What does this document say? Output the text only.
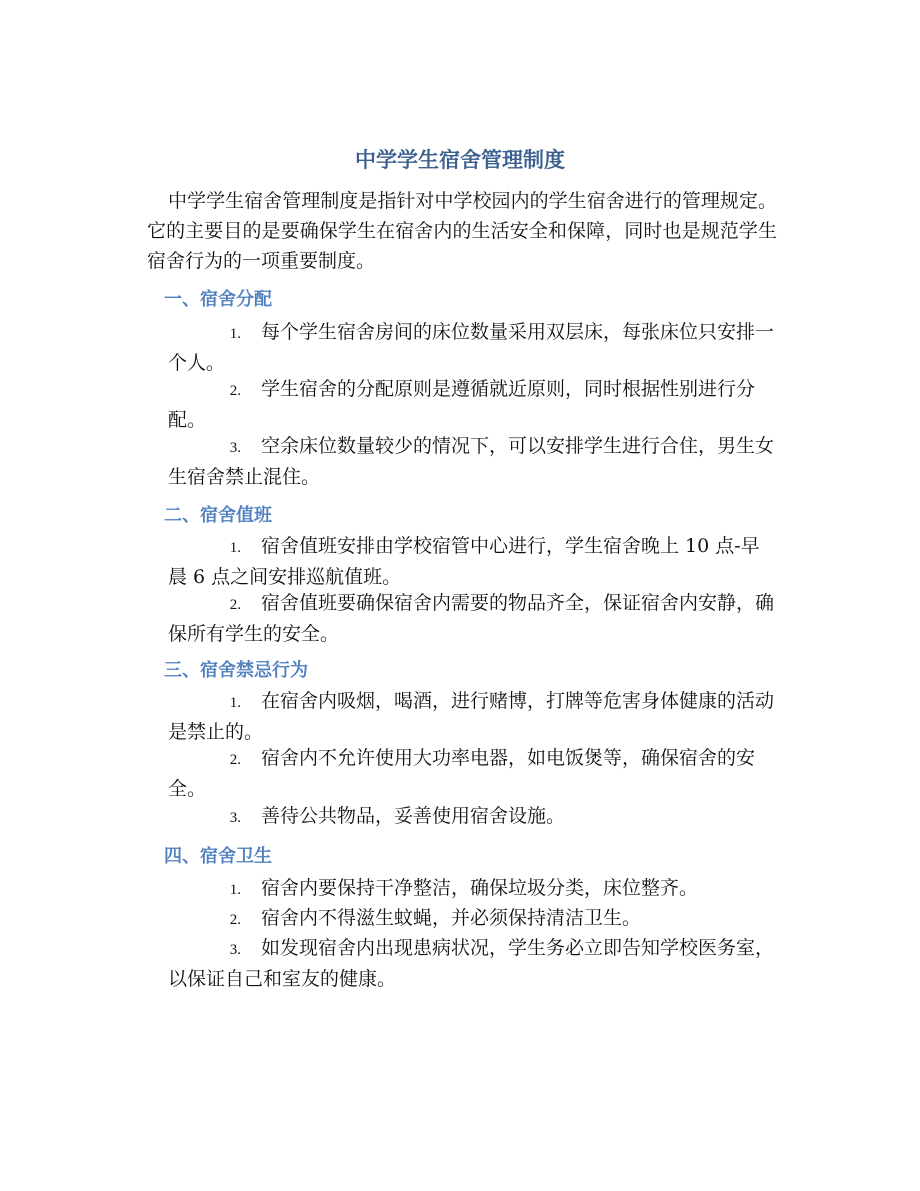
中学学生宿舍管理制度

中学学生宿舍管理制度是指针对中学校园内的学生宿舍进行的管理规定。它的主要目的是要确保学生在宿舍内的生活安全和保障，同时也是规范学生宿舍行为的一项重要制度。

一、宿舍分配

1. 每个学生宿舍房间的床位数量采用双层床，每张床位只安排一个人。

2. 学生宿舍的分配原则是遵循就近原则，同时根据性别进行分配。

3. 空余床位数量较少的情况下，可以安排学生进行合住，男生女生宿舍禁止混住。

二、宿舍值班

1. 宿舍值班安排由学校宿管中心进行，学生宿舍晚上 10 点-早晨 6 点之间安排巡航值班。

2. 宿舍值班要确保宿舍内需要的物品齐全，保证宿舍内安静，确保所有学生的安全。

三、宿舍禁忌行为

1. 在宿舍内吸烟，喝酒，进行赌博，打牌等危害身体健康的活动是禁止的。

2. 宿舍内不允许使用大功率电器，如电饭煲等，确保宿舍的安全。

3. 善待公共物品，妥善使用宿舍设施。

四、宿舍卫生

1. 宿舍内要保持干净整洁，确保垃圾分类，床位整齐。

2. 宿舍内不得滋生蚊蝇，并必须保持清洁卫生。

3. 如发现宿舍内出现患病状况，学生务必立即告知学校医务室，以保证自己和室友的健康。
